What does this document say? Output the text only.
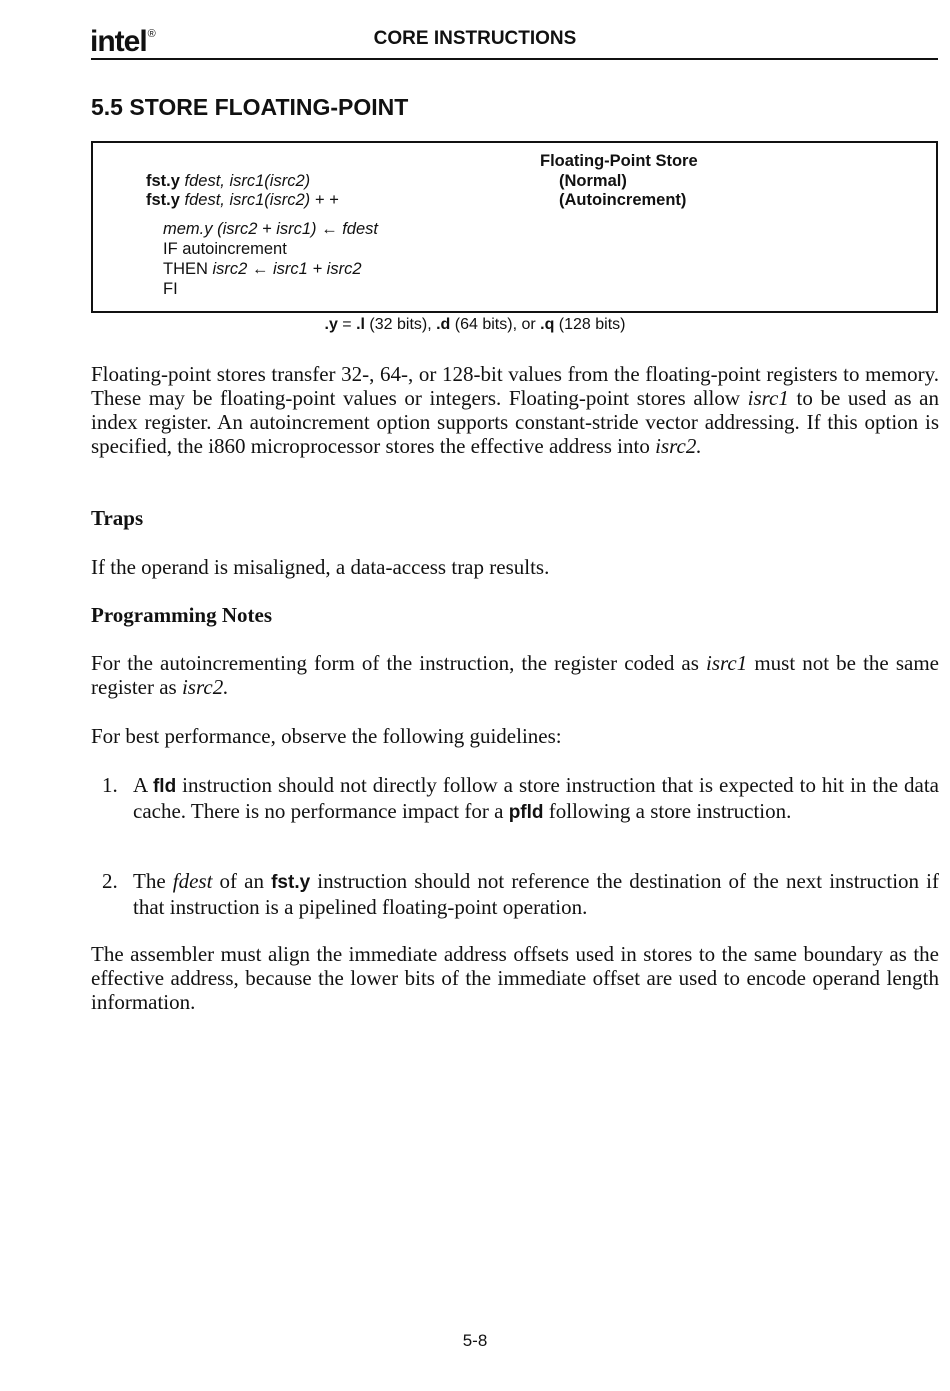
intel®	CORE INSTRUCTIONS
5.5 STORE FLOATING-POINT
fst.y fdest, isrc1(isrc2)
fst.y fdest, isrc1(isrc2) + +
mem.y (isrc2 + isrc1) ← fdest
IF autoincrement
THEN isrc2 ← isrc1 + isrc2
FI
Floating-Point Store
(Normal)
(Autoincrement)
.y = .l (32 bits), .d (64 bits), or .q (128 bits)
Floating-point stores transfer 32-, 64-, or 128-bit values from the floating-point registers to memory. These may be floating-point values or integers. Floating-point stores allow isrc1 to be used as an index register. An autoincrement option supports constant-stride vector addressing. If this option is specified, the i860 microprocessor stores the effective address into isrc2.
Traps
If the operand is misaligned, a data-access trap results.
Programming Notes
For the autoincrementing form of the instruction, the register coded as isrc1 must not be the same register as isrc2.
For best performance, observe the following guidelines:
1. A fld instruction should not directly follow a store instruction that is expected to hit in the data cache. There is no performance impact for a pfld following a store instruction.
2. The fdest of an fst.y instruction should not reference the destination of the next instruction if that instruction is a pipelined floating-point operation.
The assembler must align the immediate address offsets used in stores to the same boundary as the effective address, because the lower bits of the immediate offset are used to encode operand length information.
5-8
